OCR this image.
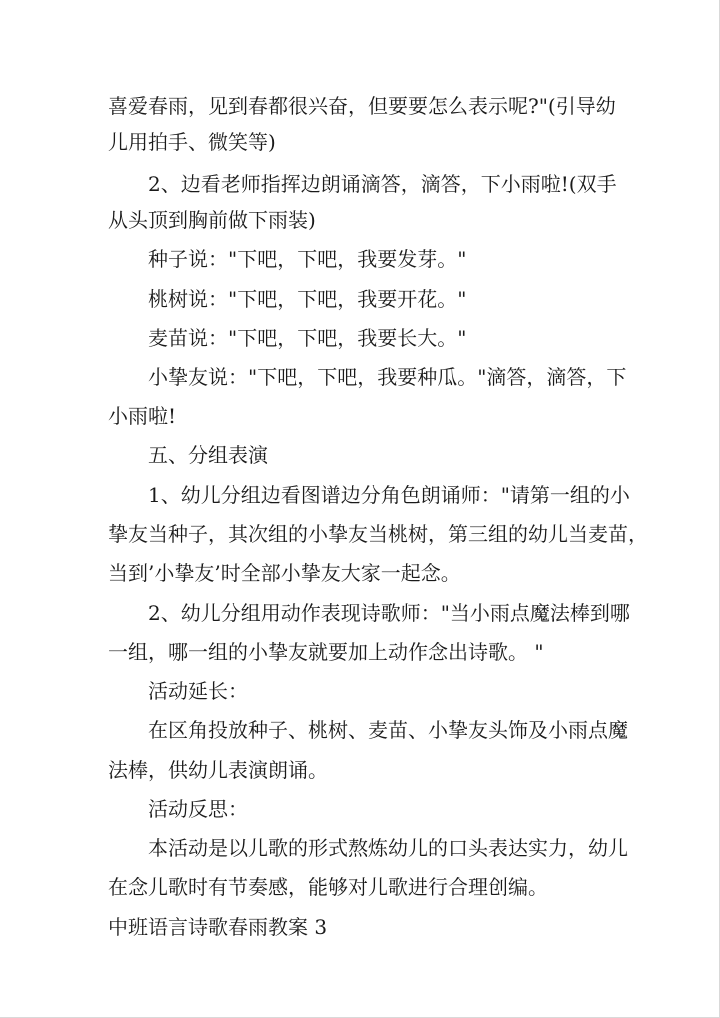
喜爱春雨，见到春都很兴奋，但要要怎么表示呢?"(引导幼
儿用拍手、微笑等)
2、边看老师指挥边朗诵滴答，滴答，下小雨啦!(双手
从头顶到胸前做下雨装)
种子说："下吧，下吧，我要发芽。"
桃树说："下吧，下吧，我要开花。"
麦苗说："下吧，下吧，我要长大。"
小挚友说："下吧，下吧，我要种瓜。"滴答，滴答，下
小雨啦!
五、分组表演
1、幼儿分组边看图谱边分角色朗诵师："请第一组的小
挚友当种子，其次组的小挚友当桃树，第三组的幼儿当麦苗，
当到’小挚友’时全部小挚友大家一起念。
2、幼儿分组用动作表现诗歌师："当小雨点魔法棒到哪
一组，哪一组的小挚友就要加上动作念出诗歌。 "
活动延长：
在区角投放种子、桃树、麦苗、小挚友头饰及小雨点魔
法棒，供幼儿表演朗诵。
活动反思：
本活动是以儿歌的形式熬炼幼儿的口头表达实力，幼儿
在念儿歌时有节奏感，能够对儿歌进行合理创编。
中班语言诗歌春雨教案 3
